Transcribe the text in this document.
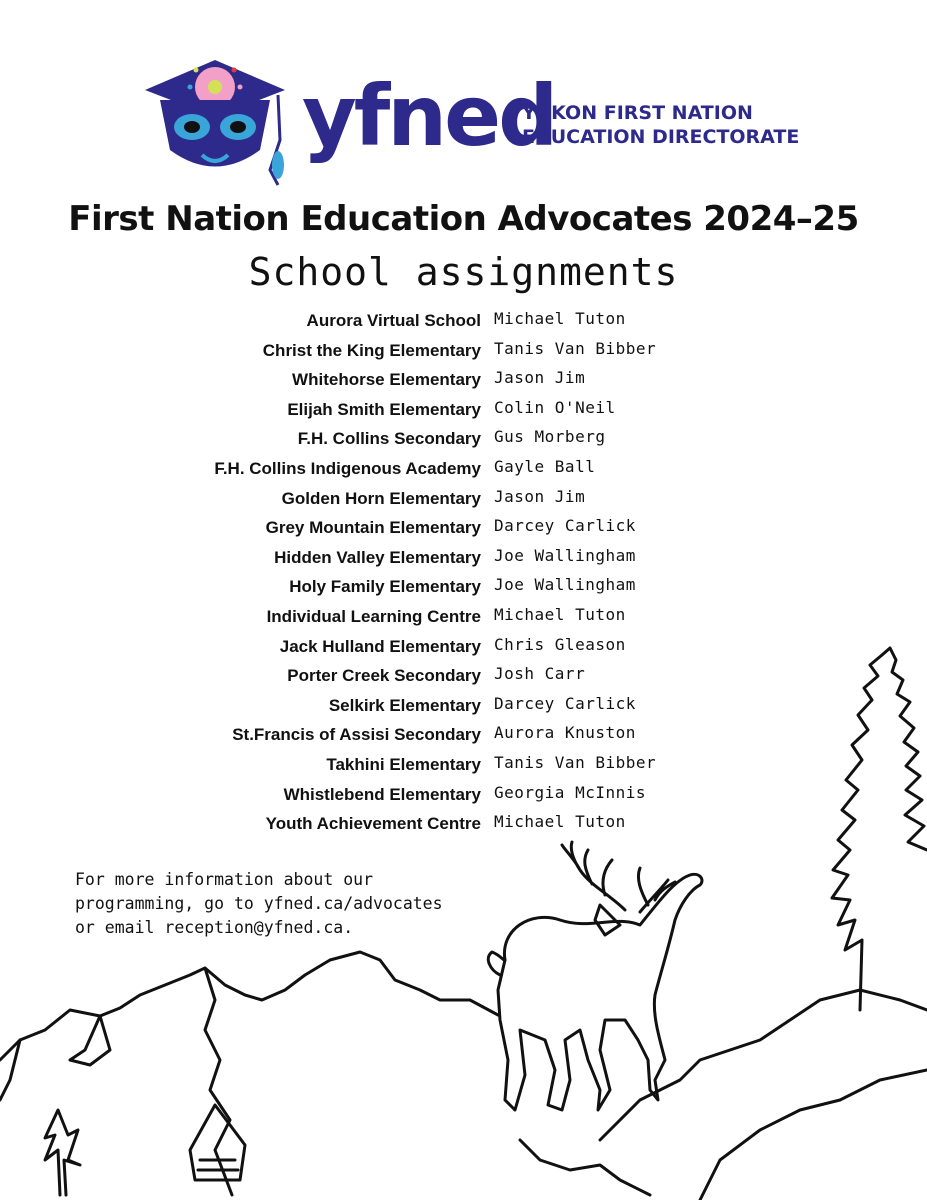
yfned
YUKON FIRST NATION
EDUCATION DIRECTORATE
First Nation Education Advocates 2024–25
School assignments
Aurora Virtual School Michael Tuton
Christ the King Elementary Tanis Van Bibber
Whitehorse Elementary Jason Jim
Elijah Smith Elementary Colin O'Neil
F.H. Collins Secondary Gus Morberg
F.H. Collins Indigenous Academy Gayle Ball
Golden Horn Elementary Jason Jim
Grey Mountain Elementary Darcey Carlick
Hidden Valley Elementary Joe Wallingham
Holy Family Elementary Joe Wallingham
Individual Learning Centre Michael Tuton
Jack Hulland Elementary Chris Gleason
Porter Creek Secondary Josh Carr
Selkirk Elementary Darcey Carlick
St.Francis of Assisi Secondary Aurora Knuston
Takhini Elementary Tanis Van Bibber
Whistlebend Elementary Georgia McInnis
Youth Achievement Centre Michael Tuton
For more information about our
programming, go to yfned.ca/advocates
or email reception@yfned.ca.
